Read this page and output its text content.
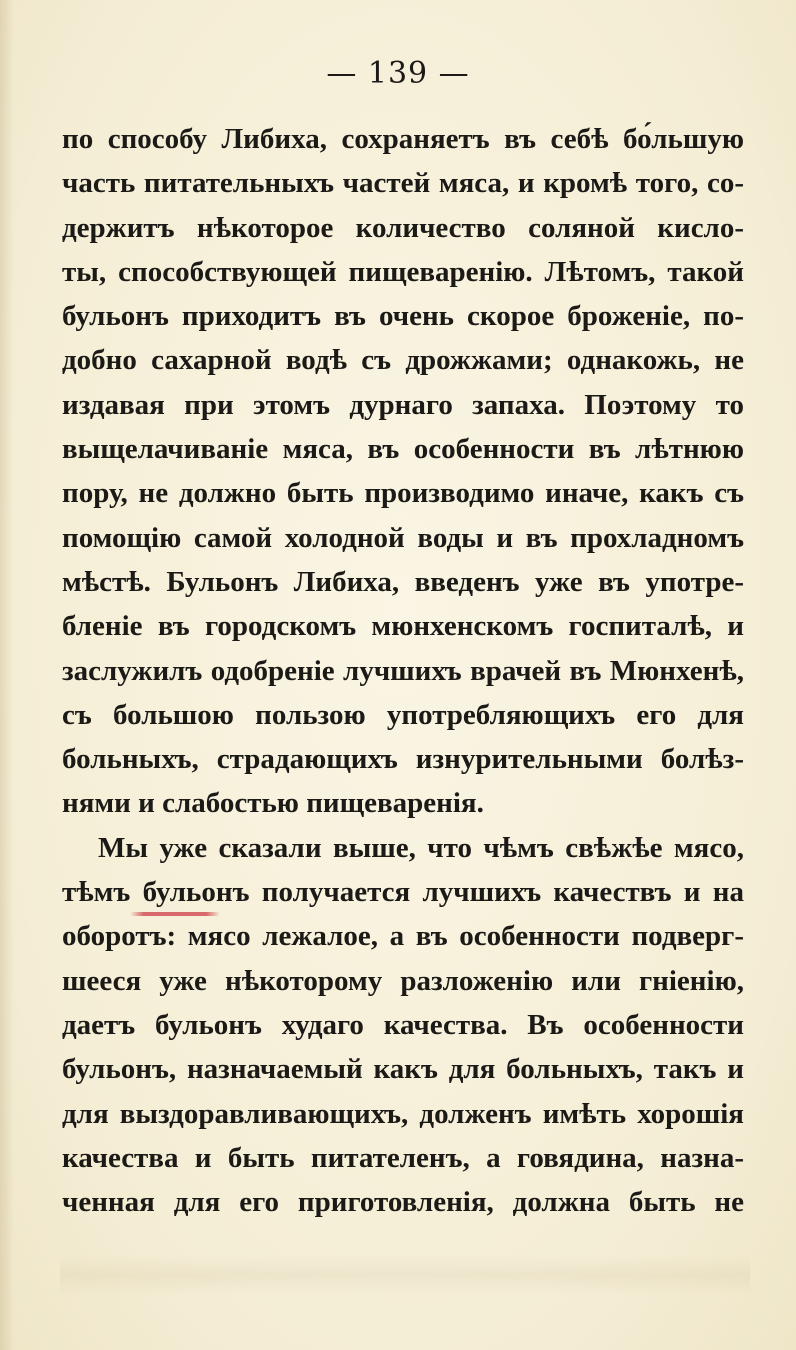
— 139 —
по способу Либиха, сохраняетъ въ себѣ бо́льшую
часть питательныхъ частей мяса, и кромѣ того, со-
держитъ нѣкоторое количество соляной кисло-
ты, способствующей пищеваренію. Лѣтомъ, такой
бульонъ приходитъ въ очень скорое броженіе, по-
добно сахарной водѣ съ дрожжами; однакожь, не
издавая при этомъ дурнаго запаха. Поэтому то
выщелачиваніе мяса, въ особенности въ лѣтнюю
пору, не должно быть производимо иначе, какъ съ
помощію самой холодной воды и въ прохладномъ
мѣстѣ. Бульонъ Либиха, введенъ уже въ употре-
бленіе въ городскомъ мюнхенскомъ госпиталѣ, и
заслужилъ одобреніе лучшихъ врачей въ Мюнхенѣ,
съ большою пользою употребляющихъ его для
больныхъ, страдающихъ изнурительными болѣз-
нями и слабостью пищеваренія.
Мы уже сказали выше, что чѣмъ свѣжѣе мясо,
тѣмъ бульонъ получается лучшихъ качествъ и на
оборотъ: мясо лежалое, а въ особенности подверг-
шееся уже нѣкоторому разложенію или гніенію,
даетъ бульонъ худаго качества. Въ особенности
бульонъ, назначаемый какъ для больныхъ, такъ и
для выздоравливающихъ, долженъ имѣть хорошія
качества и быть питателенъ, а говядина, назна-
ченная для его приготовленія, должна быть не
